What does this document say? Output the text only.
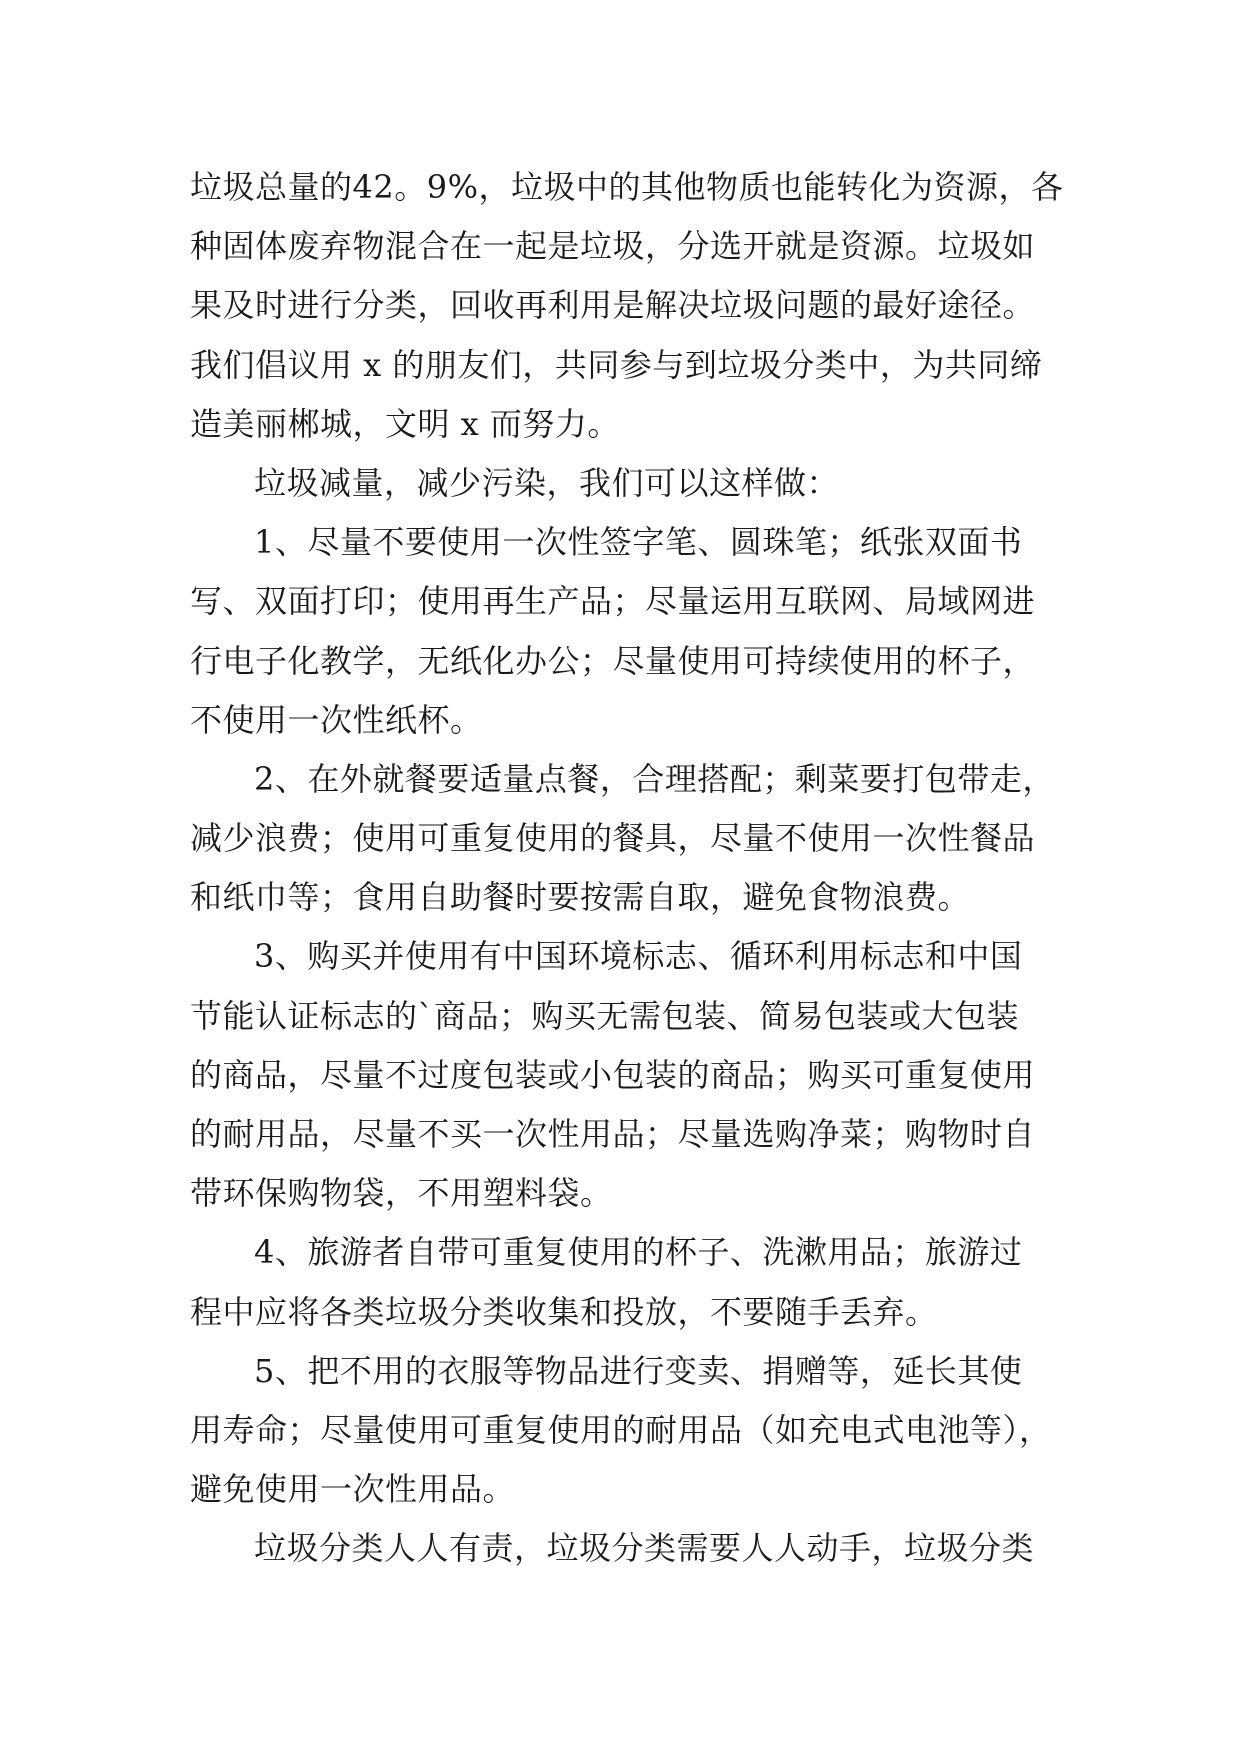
垃圾总量的42。9%，垃圾中的其他物质也能转化为资源，各
种固体废弃物混合在一起是垃圾，分选开就是资源。垃圾如
果及时进行分类，回收再利用是解决垃圾问题的最好途径。
我们倡议用 x 的朋友们，共同参与到垃圾分类中，为共同缔
造美丽郴城，文明 x 而努力。

垃圾减量，减少污染，我们可以这样做：

1、尽量不要使用一次性签字笔、圆珠笔；纸张双面书
写、双面打印；使用再生产品；尽量运用互联网、局域网进
行电子化教学，无纸化办公；尽量使用可持续使用的杯子，
不使用一次性纸杯。

2、在外就餐要适量点餐，合理搭配；剩菜要打包带走，
减少浪费；使用可重复使用的餐具，尽量不使用一次性餐品
和纸巾等；食用自助餐时要按需自取，避免食物浪费。

3、购买并使用有中国环境标志、循环利用标志和中国
节能认证标志的`商品；购买无需包装、简易包装或大包装
的商品，尽量不过度包装或小包装的商品；购买可重复使用
的耐用品，尽量不买一次性用品；尽量选购净菜；购物时自
带环保购物袋，不用塑料袋。

4、旅游者自带可重复使用的杯子、洗漱用品；旅游过
程中应将各类垃圾分类收集和投放，不要随手丢弃。

5、把不用的衣服等物品进行变卖、捐赠等，延长其使
用寿命；尽量使用可重复使用的耐用品（如充电式电池等），
避免使用一次性用品。

垃圾分类人人有责，垃圾分类需要人人动手，垃圾分类
